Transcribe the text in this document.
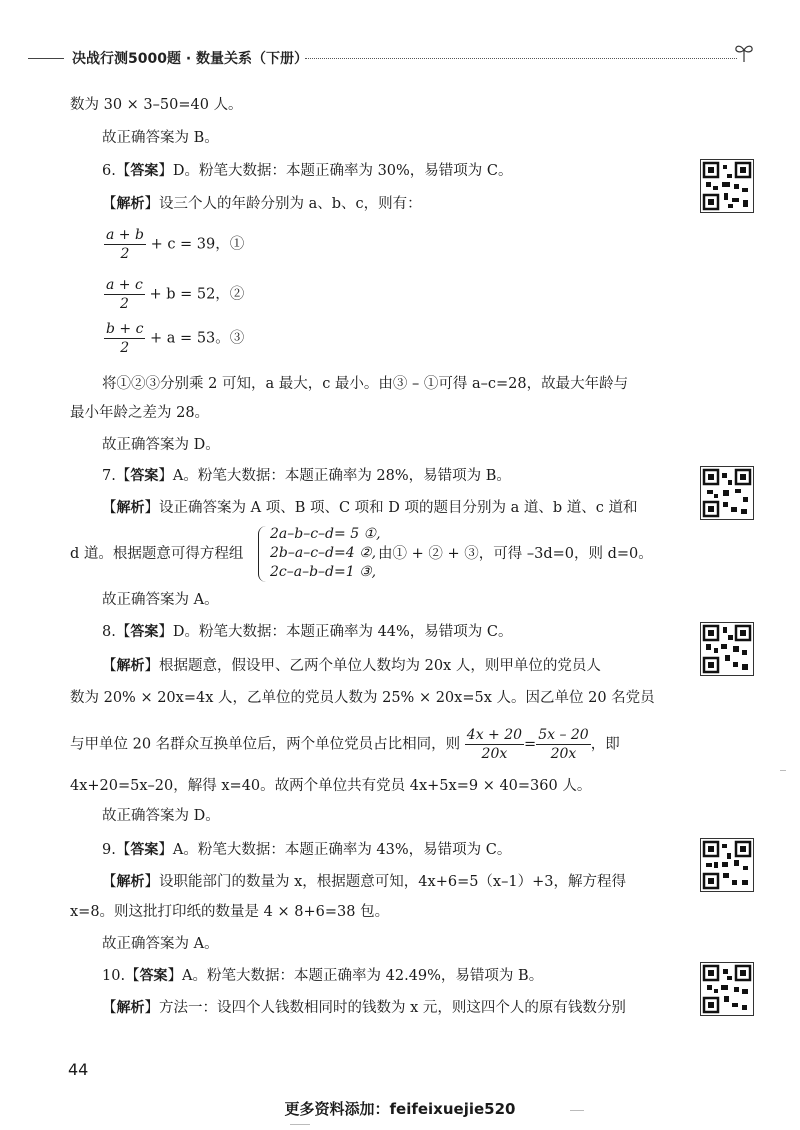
决战行测5000题 · 数量关系（下册）
数为 30 × 3–50=40 人。
故正确答案为 B。
6.【答案】D。粉笔大数据：本题正确率为 30%，易错项为 C。
【解析】设三个人的年龄分别为 a、b、c，则有：
$\frac{a + b}{2} + c = 39$，①
$\frac{a + c}{2} + b = 52$，②
$\frac{b + c}{2} + a = 53$。③
将①②③分别乘 2 可知，a 最大，c 最小。由③ – ①可得 a–c=28，故最大年龄与
最小年龄之差为 28。
故正确答案为 D。
7.【答案】A。粉笔大数据：本题正确率为 28%，易错项为 B。
【解析】设正确答案为 A 项、B 项、C 项和 D 项的题目分别为 a 道、b 道、c 道和
d 道。根据题意可得方程组
2a–b–c–d= 5 ①,
2b–a–c–d=4 ②,
2c–a–b–d=1 ③,
由① + ② + ③，可得 –3d=0，则 d=0。
故正确答案为 A。
8.【答案】D。粉笔大数据：本题正确率为 44%，易错项为 C。
【解析】根据题意，假设甲、乙两个单位人数均为 20x 人，则甲单位的党员人
数为 20% × 20x=4x 人，乙单位的党员人数为 25% × 20x=5x 人。因乙单位 20 名党员
与甲单位 20 名群众互换单位后，两个单位党员占比相同，则 $\frac{4x + 20}{20x} = \frac{5x - 20}{20x}$ ，即
4x+20=5x–20，解得 x=40。故两个单位共有党员 4x+5x=9 × 40=360 人。
故正确答案为 D。
9.【答案】A。粉笔大数据：本题正确率为 43%，易错项为 C。
【解析】设职能部门的数量为 x，根据题意可知，4x+6=5（x–1）+3，解方程得
x=8。则这批打印纸的数量是 4 × 8+6=38 包。
故正确答案为 A。
10.【答案】A。粉笔大数据：本题正确率为 42.49%，易错项为 B。
【解析】方法一：设四个人钱数相同时的钱数为 x 元，则这四个人的原有钱数分别
44
更多资料添加：feifeixuejie520
